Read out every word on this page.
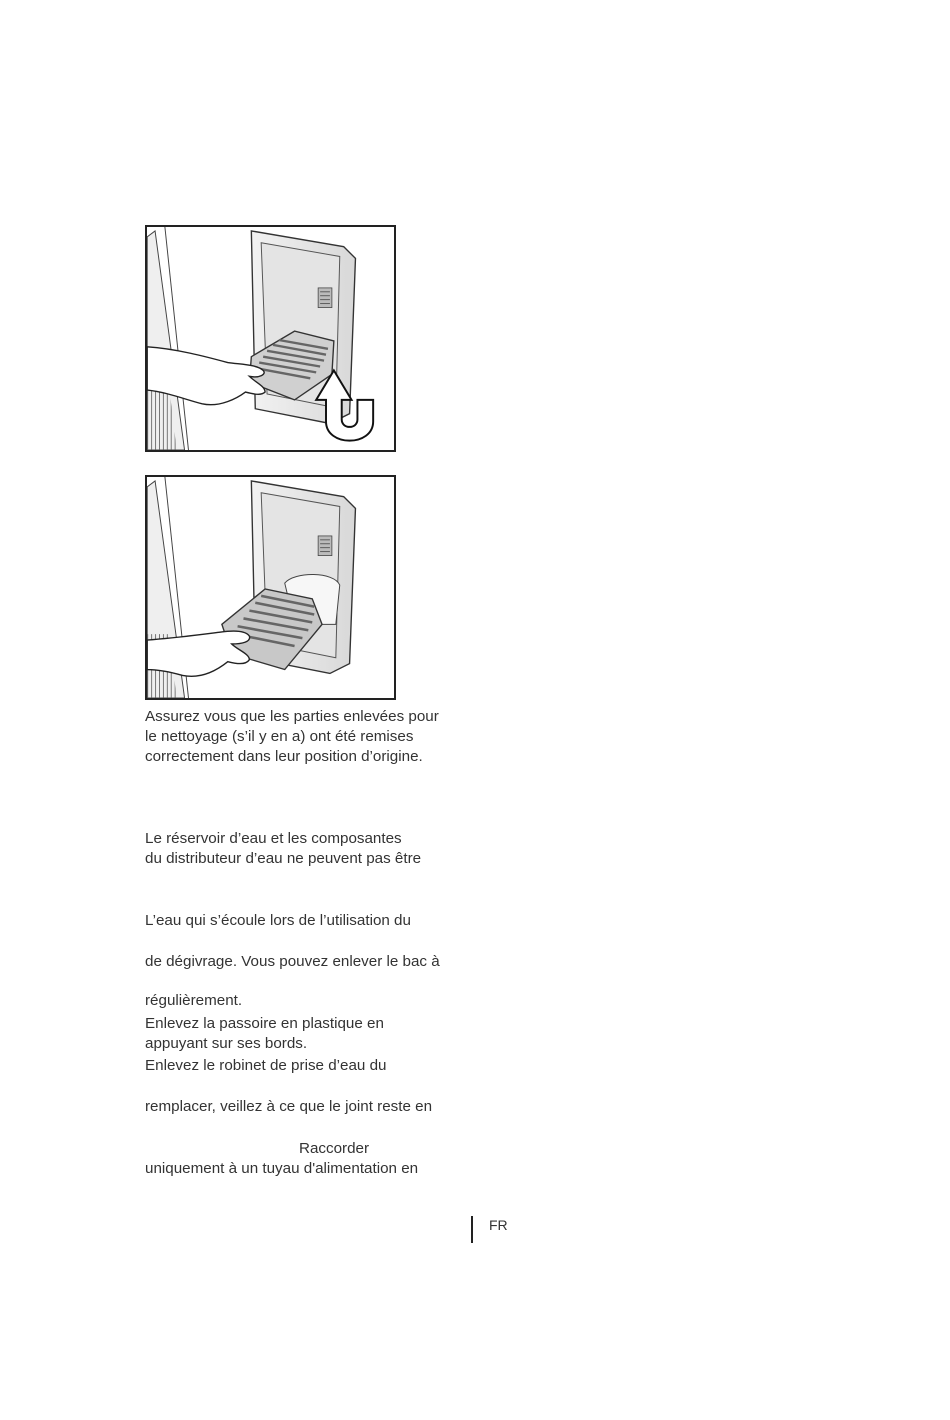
Assurez vous que les parties enlevées pour
le nettoyage (s’il y en a) ont été remises
correctement dans leur position d’origine.
Le réservoir d’eau et les composantes
du distributeur d’eau ne peuvent pas être
L’eau qui s’écoule lors de l’utilisation du
de dégivrage. Vous pouvez enlever le bac à
régulièrement.
Enlevez la passoire en plastique en
appuyant sur ses bords.
Enlevez le robinet de prise d’eau du
remplacer, veillez à ce que le joint reste en
Raccorder
uniquement à un tuyau d'alimentation en
FR
